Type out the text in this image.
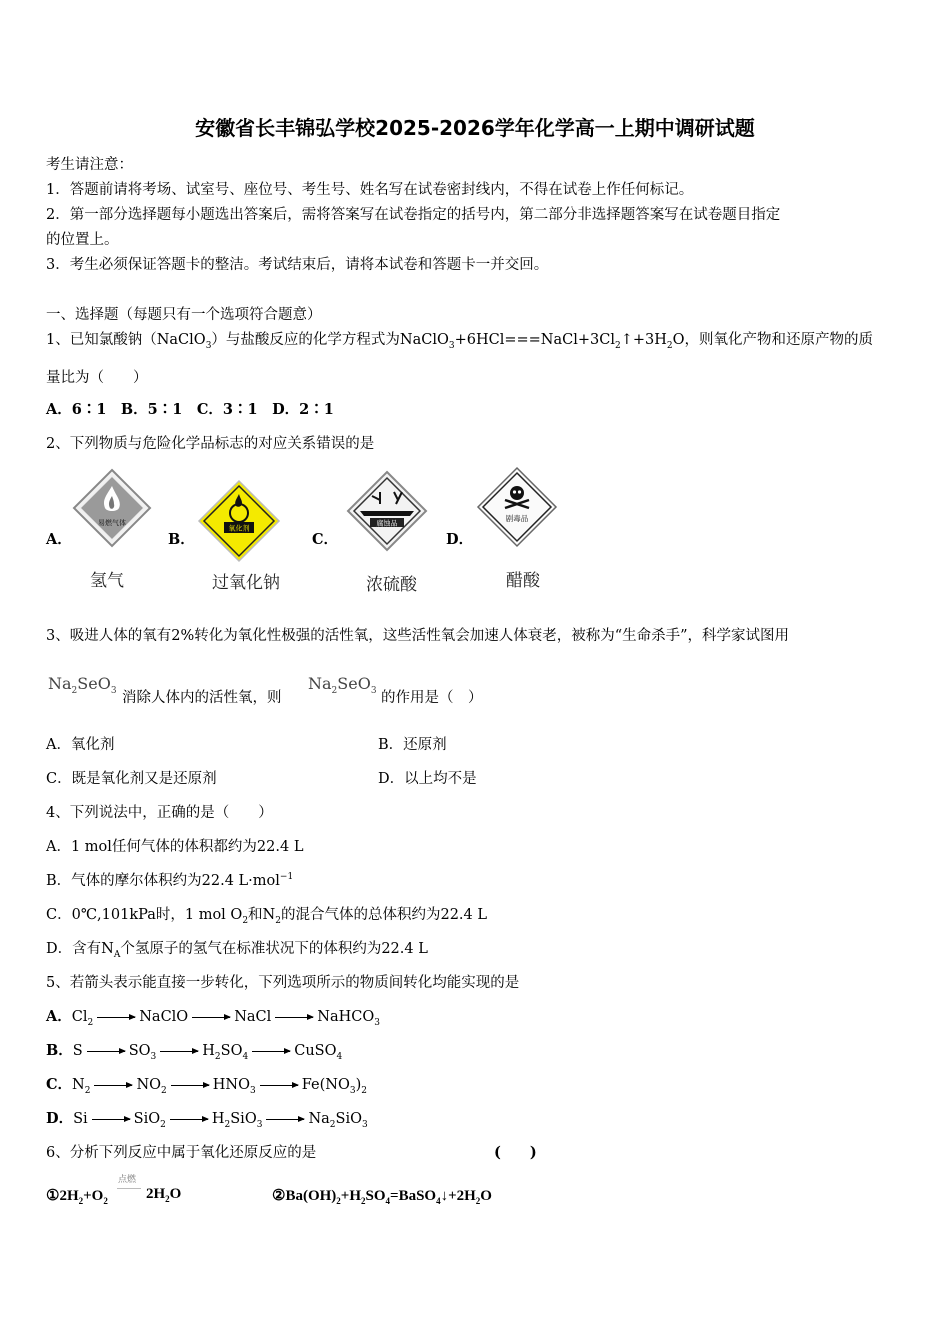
安徽省长丰锦弘学校2025-2026学年化学高一上期中调研试题
考生请注意：
1．答题前请将考场、试室号、座位号、考生号、姓名写在试卷密封线内，不得在试卷上作任何标记。
2．第一部分选择题每小题选出答案后，需将答案写在试卷指定的括号内，第二部分非选择题答案写在试卷题目指定
的位置上。
3．考生必须保证答题卡的整洁。考试结束后，请将本试卷和答题卡一并交回。
一、选择题（每题只有一个选项符合题意）
1、已知氯酸钠（NaClO$_3$）与盐酸反应的化学方程式为$NaClO_3+6HCl===NaCl+3Cl_2↑+3H_2O$，则氧化产物和还原产物的质
量比为（　　）
A．6∶1　B．5∶1　C．3∶1　D．2∶1
2、下列物质与危险化学品标志的对应关系错误的是
A．	B．	C．	D．
易燃气体
氧化剂
腐蚀品
剧毒品
氢气	过氧化钠	浓硫酸	醋酸
3、吸进人体的氧有2%转化为氧化性极强的活性氧，这些活性氧会加速人体衰老，被称为“生命杀手”，科学家试图用
$Na_2SeO_3$ 消除人体内的活性氧，则
$Na_2SeO_3$ 的作用是（　）
A．氧化剂	B．还原剂
C．既是氧化剂又是还原剂	D．以上均不是
4、下列说法中，正确的是（　　）
A．1 mol任何气体的体积都约为22.4 L
B．气体的摩尔体积约为22.4 L·mol$^{-1}$
C．0℃,101kPa时，1 mol $O_2$和$N_2$的混合气体的总体积约为22.4 L
D．含有$N_A$个氢原子的氢气在标准状况下的体积约为22.4 L
5、若箭头表示能直接一步转化，下列选项所示的物质间转化均能实现的是
A．$Cl_2$	NaClO	NaCl	NaHCO$_3$
B．S	$SO_3$	$H_2SO_4$	CuSO$_4$
C．$N_2$	$NO_2$	$HNO_3$	$Fe(NO_3)_2$
D．Si	SiO$_2$	$H_2SiO_3$	$Na_2SiO_3$
6、分析下列反应中属于氧化还原反应的是	(　　)
$①2H_2+O_2$
点燃
$2H_2O$	$②Ba(OH)_2+H_2SO_4=BaSO_4↓+2H_2O$
